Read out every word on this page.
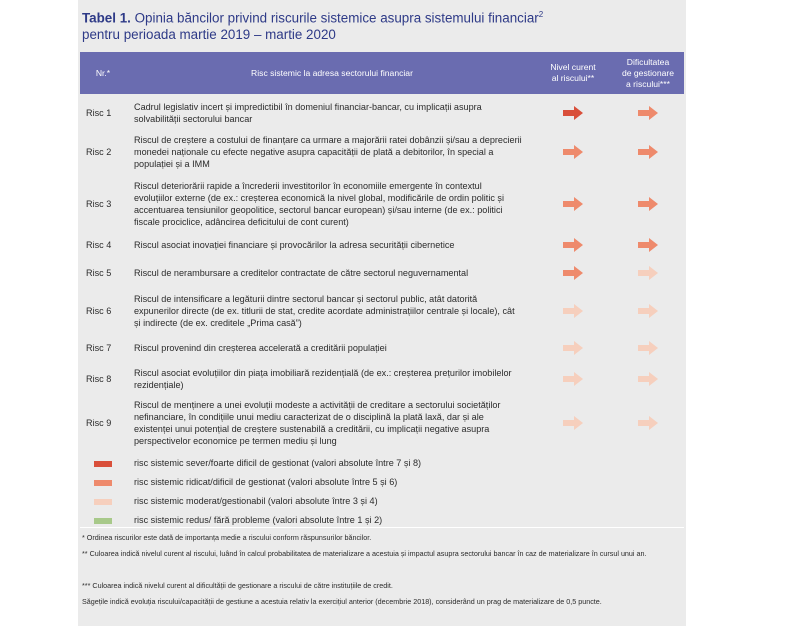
Tabel 1. Opinia băncilor privind riscurile sistemice asupra sistemului financiar$^2$
pentru perioada martie 2019 – martie 2020
Nr.*	Risc sistemic la adresa sectorului financiar
Nivel curent
al riscului**
Dificultatea
de gestionare
a riscului***
Risc 1
Cadrul legislativ incert și impredictibil în domeniul financiar-bancar, cu implicații asupra
solvabilității sectorului bancar
Risc 2
Riscul de creștere a costului de finanțare ca urmare a majorării ratei dobânzii și/sau a deprecierii
monedei naționale cu efecte negative asupra capacității de plată a debitorilor, în special a
populației și a IMM
Risc 3
Riscul deteriorării rapide a încrederii investitorilor în economiile emergente în contextul
evoluțiilor externe (de ex.: creșterea economică la nivel global, modificările de ordin politic și
accentuarea tensiunilor geopolitice, sectorul bancar european) și/sau interne (de ex.: politici
fiscale prociclice, adâncirea deficitului de cont curent)
Risc 4 Riscul asociat inovației financiare și provocărilor la adresa securității cibernetice
Risc 5 Riscul de nerambursare a creditelor contractate de către sectorul neguvernamental
Risc 6
Riscul de intensificare a legăturii dintre sectorul bancar și sectorul public, atât datorită
expunerilor directe (de ex. titlurii de stat, credite acordate administrațiilor centrale și locale), cât
și indirecte (de ex. creditele „Prima casă”)
Risc 7 Riscul provenind din creșterea accelerată a creditării populației
Risc 8
Riscul asociat evoluțiilor din piața imobiliară rezidențială (de ex.: creșterea prețurilor imobilelor
rezidențiale)
Risc 9
Riscul de menținere a unei evoluții modeste a activității de creditare a sectorului societăților
nefinanciare, în condițiile unui mediu caracterizat de o disciplină la plată laxă, dar și ale
existenței unui potențial de creștere sustenabilă a creditării, cu implicații negative asupra
perspectivelor economice pe termen mediu și lung
risc sistemic sever/foarte dificil de gestionat (valori absolute între 7 și 8)
risc sistemic ridicat/dificil de gestionat (valori absolute între 5 și 6)
risc sistemic moderat/gestionabil (valori absolute între 3 și 4)
risc sistemic redus/ fără probleme (valori absolute între 1 și 2)
* Ordinea riscurilor este dată de importanța medie a riscului conform răspunsurilor băncilor.
** Culoarea indică nivelul curent al riscului, luând în calcul probabilitatea de materializare a acestuia și impactul asupra sectorului bancar în caz de materializare în cursul unui an.
*** Culoarea indică nivelul curent al dificultății de gestionare a riscului de către instituțiile de credit.
Săgețile indică evoluția riscului/capacității de gestiune a acestuia relativ la exercițiul anterior (decembrie 2018), considerând un prag de materializare de 0,5 puncte.
